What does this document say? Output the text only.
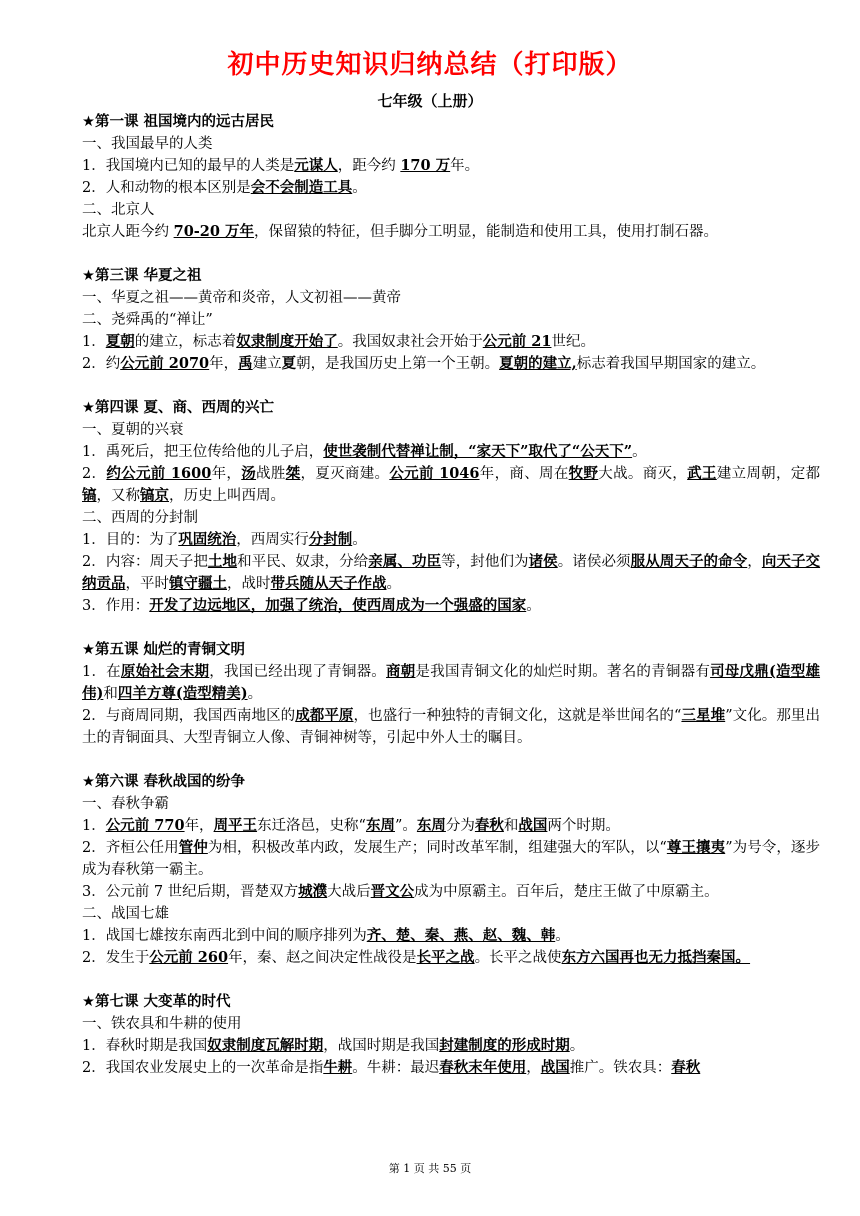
初中历史知识归纳总结（打印版）
七年级（上册）
★第一课 祖国境内的远古居民
一、我国最早的人类
1．我国境内已知的最早的人类是元谋人，距今约 170 万年。
2．人和动物的根本区别是会不会制造工具。
二、北京人
北京人距今约 70-20 万年，保留猿的特征，但手脚分工明显，能制造和使用工具，使用打制石器。
★第三课 华夏之祖
一、华夏之祖——黄帝和炎帝，人文初祖——黄帝
二、尧舜禹的“禅让”
1．夏朝的建立，标志着奴隶制度开始了。我国奴隶社会开始于公元前 21世纪。
2．约公元前 2070年，禹建立夏朝，是我国历史上第一个王朝。夏朝的建立,标志着我国早期国家的建立。
★第四课 夏、商、西周的兴亡
一、夏朝的兴衰
1．禹死后，把王位传给他的儿子启，使世袭制代替禅让制，“家天下”取代了“公天下”。
2．约公元前 1600年，汤战胜桀，夏灭商建。公元前 1046年，商、周在牧野大战。商灭，武王建立周朝，定都镐，又称镐京，历史上叫西周。
二、西周的分封制
1．目的：为了巩固统治，西周实行分封制。
2．内容：周天子把土地和平民、奴隶，分给亲属、功臣等，封他们为诸侯。诸侯必须服从周天子的命令，向天子交纳贡品，平时镇守疆土，战时带兵随从天子作战。
3．作用：开发了边远地区，加强了统治，使西周成为一个强盛的国家。
★第五课 灿烂的青铜文明
1．在原始社会末期，我国已经出现了青铜器。商朝是我国青铜文化的灿烂时期。著名的青铜器有司母戊鼎(造型雄伟)和四羊方尊(造型精美)。
2．与商周同期，我国西南地区的成都平原，也盛行一种独特的青铜文化，这就是举世闻名的“三星堆”文化。那里出土的青铜面具、大型青铜立人像、青铜神树等，引起中外人士的瞩目。
★第六课 春秋战国的纷争
一、春秋争霸
1．公元前 770年，周平王东迁洛邑，史称“东周”。东周分为春秋和战国两个时期。
2．齐桓公任用管仲为相，积极改革内政，发展生产；同时改革军制，组建强大的军队，以“尊王攘夷”为号令，逐步成为春秋第一霸主。
3．公元前 7 世纪后期，晋楚双方城濮大战后晋文公成为中原霸主。百年后，楚庄王做了中原霸主。
二、战国七雄
1．战国七雄按东南西北到中间的顺序排列为齐、楚、秦、燕、赵、魏、韩。
2．发生于公元前 260年，秦、赵之间决定性战役是长平之战。长平之战使东方六国再也无力抵挡秦国。
★第七课 大变革的时代
一、铁农具和牛耕的使用
1．春秋时期是我国奴隶制度瓦解时期，战国时期是我国封建制度的形成时期。
2．我国农业发展史上的一次革命是指牛耕。牛耕：最迟春秋末年使用，战国推广。铁农具：春秋
第 1 页 共 55 页
